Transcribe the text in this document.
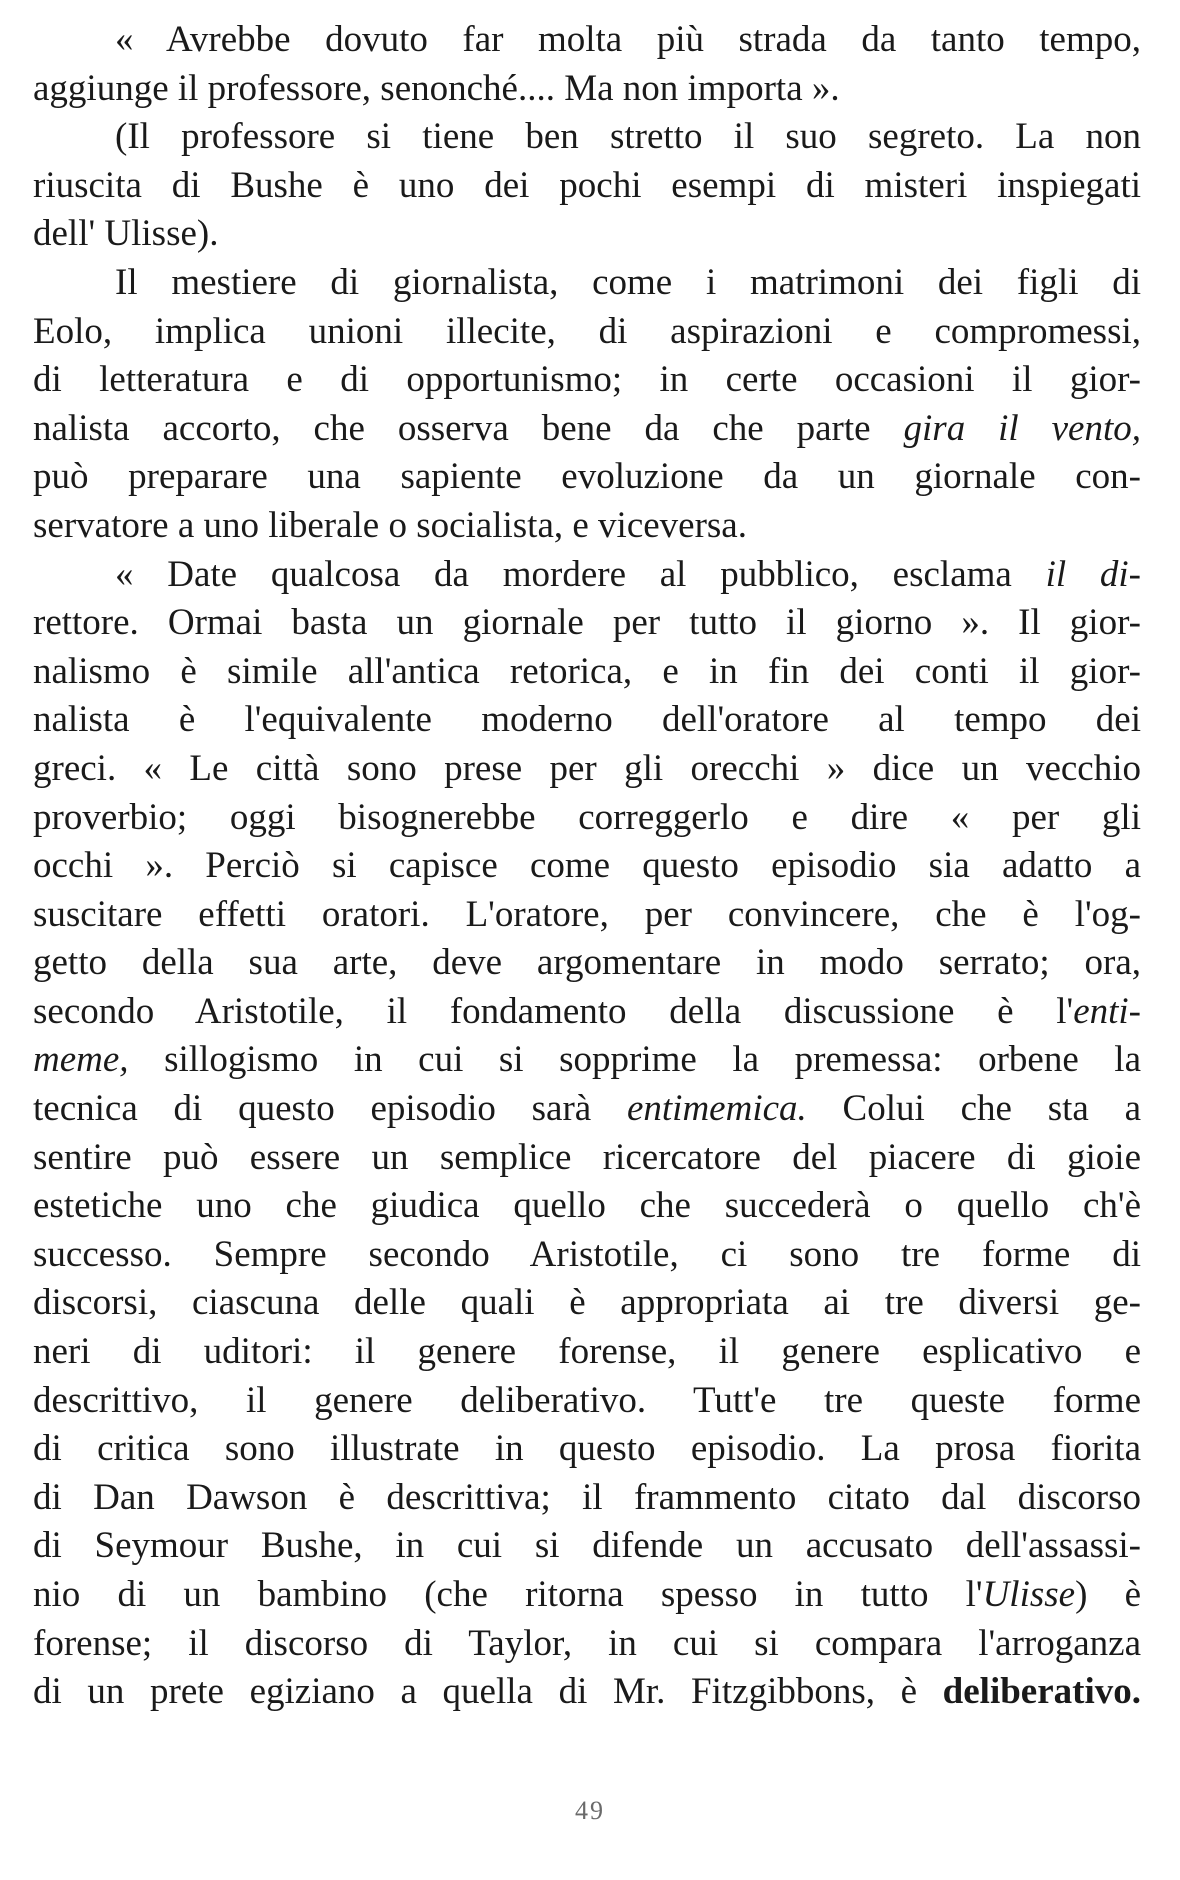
« Avrebbe dovuto far molta più strada da tanto tempo,
aggiunge il professore, senonché.... Ma non importa ».
(Il professore si tiene ben stretto il suo segreto. La non
riuscita di Bushe è uno dei pochi esempi di misteri inspiegati
dell' Ulisse).
Il mestiere di giornalista, come i matrimoni dei figli di
Eolo, implica unioni illecite, di aspirazioni e compromessi,
di letteratura e di opportunismo; in certe occasioni il gior-
nalista accorto, che osserva bene da che parte gira il vento,
può preparare una sapiente evoluzione da un giornale con-
servatore a uno liberale o socialista, e viceversa.
« Date qualcosa da mordere al pubblico, esclama il di-
rettore. Ormai basta un giornale per tutto il giorno ». Il gior-
nalismo è simile all'antica retorica, e in fin dei conti il gior-
nalista è l'equivalente moderno dell'oratore al tempo dei
greci. « Le città sono prese per gli orecchi » dice un vecchio
proverbio; oggi bisognerebbe correggerlo e dire « per gli
occhi ». Perciò si capisce come questo episodio sia adatto a
suscitare effetti oratori. L'oratore, per convincere, che è l'og-
getto della sua arte, deve argomentare in modo serrato; ora,
secondo Aristotile, il fondamento della discussione è l'enti-
meme, sillogismo in cui si sopprime la premessa: orbene la
tecnica di questo episodio sarà entimemica. Colui che sta a
sentire può essere un semplice ricercatore del piacere di gioie
estetiche uno che giudica quello che succederà o quello ch'è
successo. Sempre secondo Aristotile, ci sono tre forme di
discorsi, ciascuna delle quali è appropriata ai tre diversi ge-
neri di uditori: il genere forense, il genere esplicativo e
descrittivo, il genere deliberativo. Tutt'e tre queste forme
di critica sono illustrate in questo episodio. La prosa fiorita
di Dan Dawson è descrittiva; il frammento citato dal discorso
di Seymour Bushe, in cui si difende un accusato dell'assassi-
nio di un bambino (che ritorna spesso in tutto l'Ulisse) è
forense; il discorso di Taylor, in cui si compara l'arroganza
di un prete egiziano a quella di Mr. Fitzgibbons, è deliberativo.
49
